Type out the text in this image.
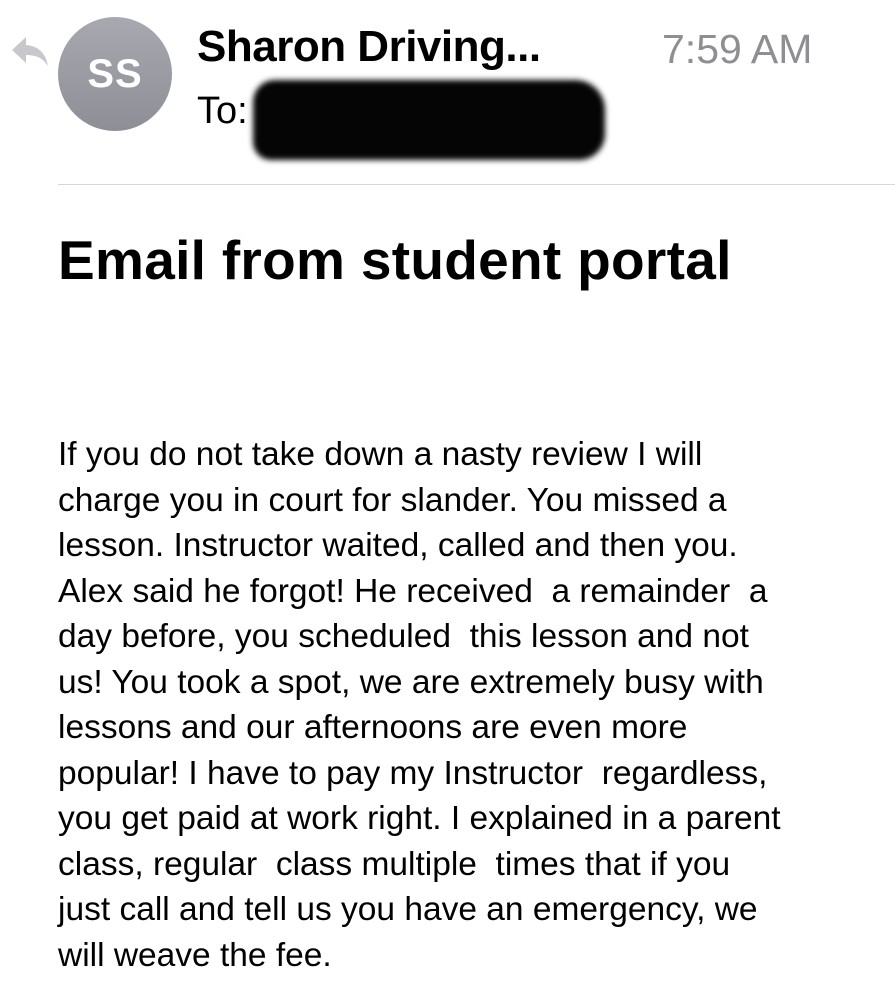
SS
Sharon Driving...	7:59 AM
To:
Email from student portal
If you do not take down a nasty review I will
charge you in court for slander. You missed a
lesson. Instructor waited, called and then you.
Alex said he forgot! He received  a remainder  a
day before, you scheduled  this lesson and not
us! You took a spot, we are extremely busy with
lessons and our afternoons are even more
popular! I have to pay my Instructor  regardless,
you get paid at work right. I explained in a parent
class, regular  class multiple  times that if you
just call and tell us you have an emergency, we
will weave the fee.
